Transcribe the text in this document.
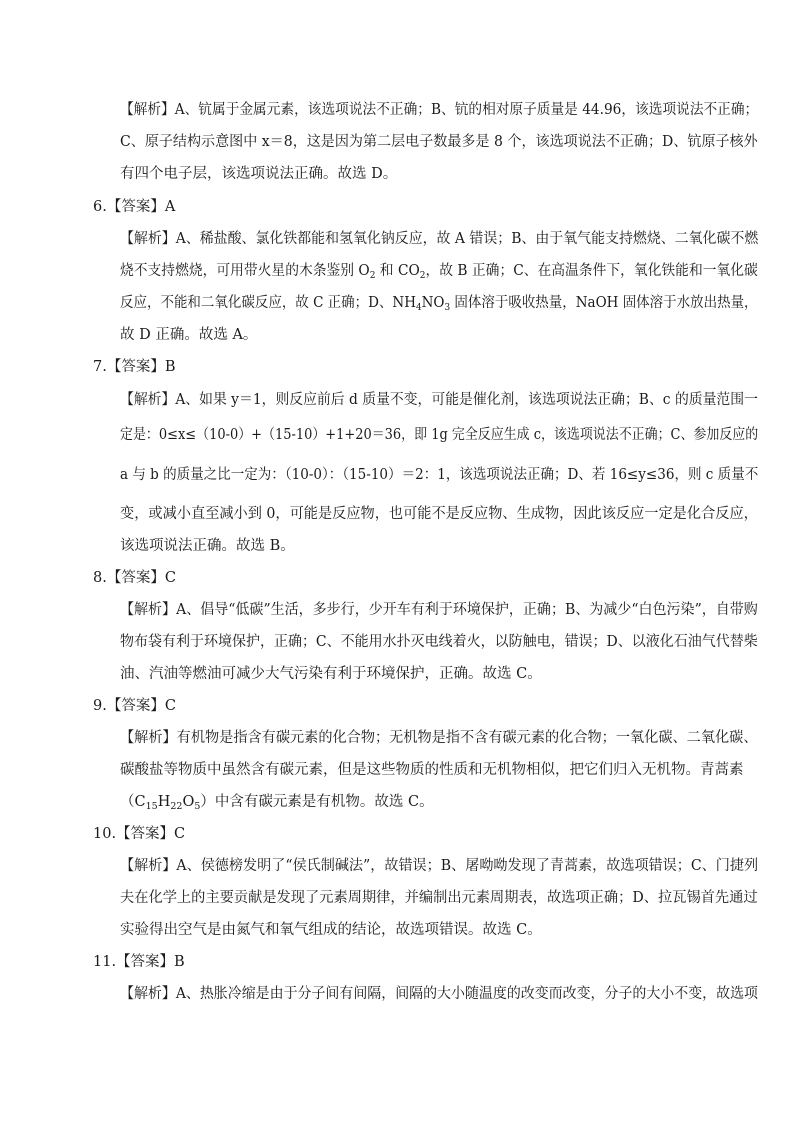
【解析】A、钪属于金属元素，该选项说法不正确；B、钪的相对原子质量是 44.96，该选项说法不正确；
C、原子结构示意图中 x＝8，这是因为第二层电子数最多是 8 个，该选项说法不正确；D、钪原子核外
有四个电子层，该选项说法正确。故选 D。
6.【答案】A
【解析】A、稀盐酸、氯化铁都能和氢氧化钠反应，故 A 错误；B、由于氧气能支持燃烧、二氧化碳不燃
烧不支持燃烧，可用带火星的木条鉴别 $O_2$ 和 $CO_2$，故 B 正确；C、在高温条件下，氧化铁能和一氧化碳
反应，不能和二氧化碳反应，故 C 正确；D、$NH_4NO_3$ 固体溶于吸收热量，NaOH 固体溶于水放出热量，
故 D 正确。故选 A。
7.【答案】B
【解析】A、如果 y＝1，则反应前后 d 质量不变，可能是催化剂，该选项说法正确；B、c 的质量范围一
定是：0≤x≤（10-0）+（15-10）+1+20＝36，即 1g 完全反应生成 c，该选项说法不正确；C、参加反应的
a 与 b 的质量之比一定为：（10-0）：（15-10）＝2：1，该选项说法正确；D、若 16≤y≤36，则 c 质量不
变，或减小直至减小到 0，可能是反应物，也可能不是反应物、生成物，因此该反应一定是化合反应，
该选项说法正确。故选 B。
8.【答案】C
【解析】A、倡导“低碳”生活，多步行，少开车有利于环境保护，正确；B、为减少“白色污染”，自带购
物布袋有利于环境保护，正确；C、不能用水扑灭电线着火，以防触电，错误；D、以液化石油气代替柴
油、汽油等燃油可减少大气污染有利于环境保护，正确。故选 C。
9.【答案】C
【解析】有机物是指含有碳元素的化合物；无机物是指不含有碳元素的化合物；一氧化碳、二氧化碳、
碳酸盐等物质中虽然含有碳元素，但是这些物质的性质和无机物相似，把它们归入无机物。青蒿素
$(C_{15}H_{22}O_5)$中含有碳元素是有机物。故选 C。
10.【答案】C
【解析】A、侯德榜发明了“侯氏制碱法”，故错误；B、屠呦呦发现了青蒿素，故选项错误；C、门捷列
夫在化学上的主要贡献是发现了元素周期律，并编制出元素周期表，故选项正确；D、拉瓦锡首先通过
实验得出空气是由氮气和氧气组成的结论，故选项错误。故选 C。
11.【答案】B
【解析】A、热胀冷缩是由于分子间有间隔，间隔的大小随温度的改变而改变，分子的大小不变，故选项
